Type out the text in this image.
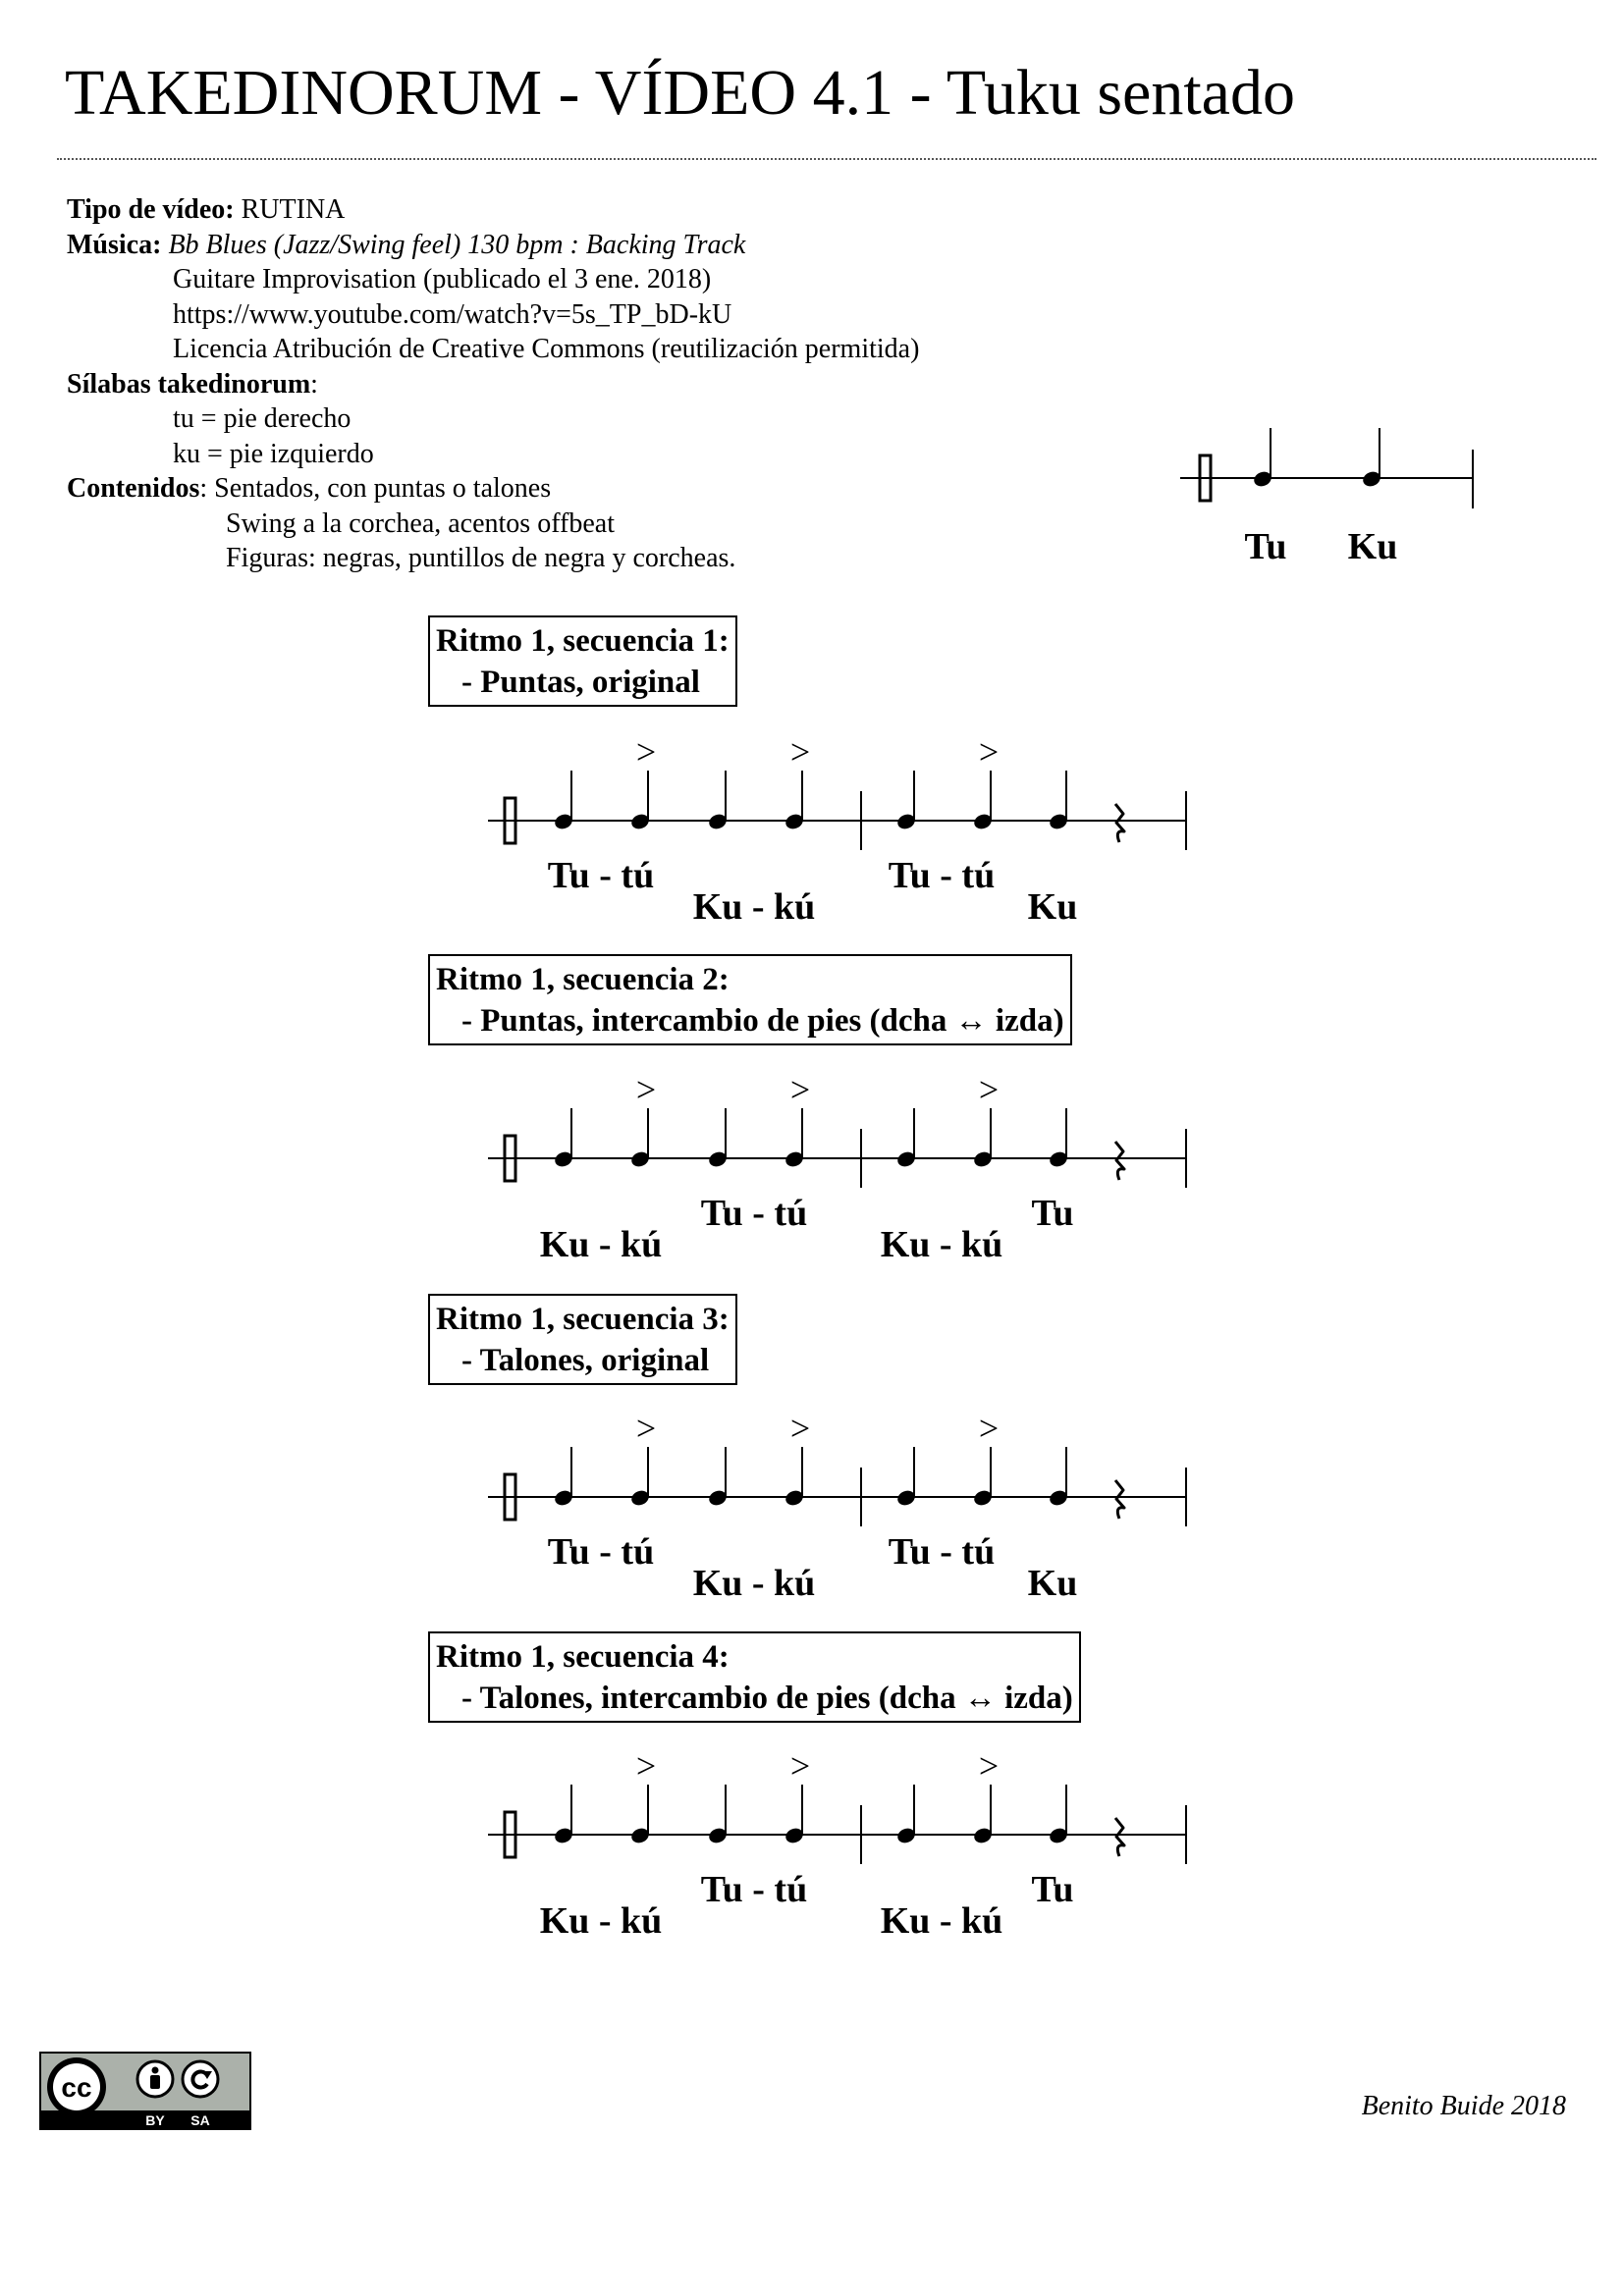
TAKEDINORUM - VÍDEO 4.1 - Tuku sentado
Tipo de vídeo: RUTINA
Música: Bb Blues (Jazz/Swing feel) 130 bpm : Backing Track
Guitare Improvisation (publicado el 3 ene. 2018)
https://www.youtube.com/watch?v=5s_TP_bD-kU
Licencia Atribución de Creative Commons (reutilización permitida)
Sílabas takedinorum:
tu = pie derecho
ku = pie izquierdo
Contenidos: Sentados, con puntas o talones
Swing a la corchea, acentos offbeat
Figuras: negras, puntillos de negra y corcheas.	Tu Ku
Ritmo 1, secuencia 1:
- Puntas, original
Ritmo 1, secuencia 2:
- Puntas, intercambio de pies (dcha ↔ izda)
Ritmo 1, secuencia 3:
- Talones, original
Ritmo 1, secuencia 4:
- Talones, intercambio de pies (dcha ↔ izda)
>	>	>
Tu - tú
Ku - kú
Tu - tú
Ku
>	>	>
Ku - kú
Tu - tú
Ku - kú
Tu
>	>	>
Tu - tú
Ku - kú
Tu - tú
Ku
>	>	>
Ku - kú
Tu - tú
Ku - kú
Tu
cc
BY SA	Benito Buide 2018
